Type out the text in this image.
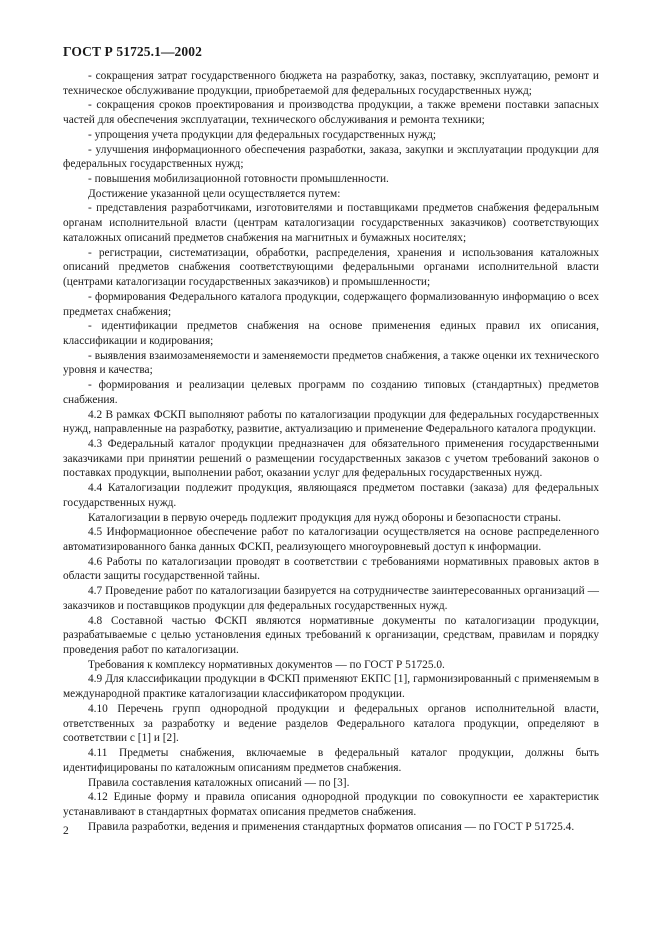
ГОСТ Р 51725.1—2002

- сокращения затрат государственного бюджета на разработку, заказ, поставку, эксплуатацию, ремонт и техническое обслуживание продукции, приобретаемой для федеральных государственных нужд;

- сокращения сроков проектирования и производства продукции, а также времени поставки запасных частей для обеспечения эксплуатации, технического обслуживания и ремонта техники;

- упрощения учета продукции для федеральных государственных нужд;

- улучшения информационного обеспечения разработки, заказа, закупки и эксплуатации продукции для федеральных государственных нужд;

- повышения мобилизационной готовности промышленности.

Достижение указанной цели осуществляется путем:

- представления разработчиками, изготовителями и поставщиками предметов снабжения федеральным органам исполнительной власти (центрам каталогизации государственных заказчиков) соответствующих каталожных описаний предметов снабжения на магнитных и бумажных носителях;

- регистрации, систематизации, обработки, распределения, хранения и использования каталожных описаний предметов снабжения соответствующими федеральными органами исполнительной власти (центрами каталогизации государственных заказчиков) и промышленности;

- формирования Федерального каталога продукции, содержащего формализованную информацию о всех предметах снабжения;

- идентификации предметов снабжения на основе применения единых правил их описания, классификации и кодирования;

- выявления взаимозаменяемости и заменяемости предметов снабжения, а также оценки их технического уровня и качества;

- формирования и реализации целевых программ по созданию типовых (стандартных) предметов снабжения.

4.2 В рамках ФСКП выполняют работы по каталогизации продукции для федеральных государственных нужд, направленные на разработку, развитие, актуализацию и применение Федерального каталога продукции.

4.3 Федеральный каталог продукции предназначен для обязательного применения государственными заказчиками при принятии решений о размещении государственных заказов с учетом требований законов о поставках продукции, выполнении работ, оказании услуг для федеральных государственных нужд.

4.4 Каталогизации подлежит продукция, являющаяся предметом поставки (заказа) для федеральных государственных нужд.

Каталогизации в первую очередь подлежит продукция для нужд обороны и безопасности страны.

4.5 Информационное обеспечение работ по каталогизации осуществляется на основе распределенного автоматизированного банка данных ФСКП, реализующего многоуровневый доступ к информации.

4.6 Работы по каталогизации проводят в соответствии с требованиями нормативных правовых актов в области защиты государственной тайны.

4.7 Проведение работ по каталогизации базируется на сотрудничестве заинтересованных организаций — заказчиков и поставщиков продукции для федеральных государственных нужд.

4.8 Составной частью ФСКП являются нормативные документы по каталогизации продукции, разрабатываемые с целью установления единых требований к организации, средствам, правилам и порядку проведения работ по каталогизации.

Требования к комплексу нормативных документов — по ГОСТ Р 51725.0.

4.9 Для классификации продукции в ФСКП применяют ЕКПС [1], гармонизированный с применяемым в международной практике каталогизации классификатором продукции.

4.10 Перечень групп однородной продукции и федеральных органов исполнительной власти, ответственных за разработку и ведение разделов Федерального каталога продукции, определяют в соответствии с [1] и [2].

4.11 Предметы снабжения, включаемые в федеральный каталог продукции, должны быть идентифицированы по каталожным описаниям предметов снабжения.

Правила составления каталожных описаний — по [3].

4.12 Единые форму и правила описания однородной продукции по совокупности ее характеристик устанавливают в стандартных форматах описания предметов снабжения.

Правила разработки, ведения и применения стандартных форматов описания — по ГОСТ Р 51725.4.

2
